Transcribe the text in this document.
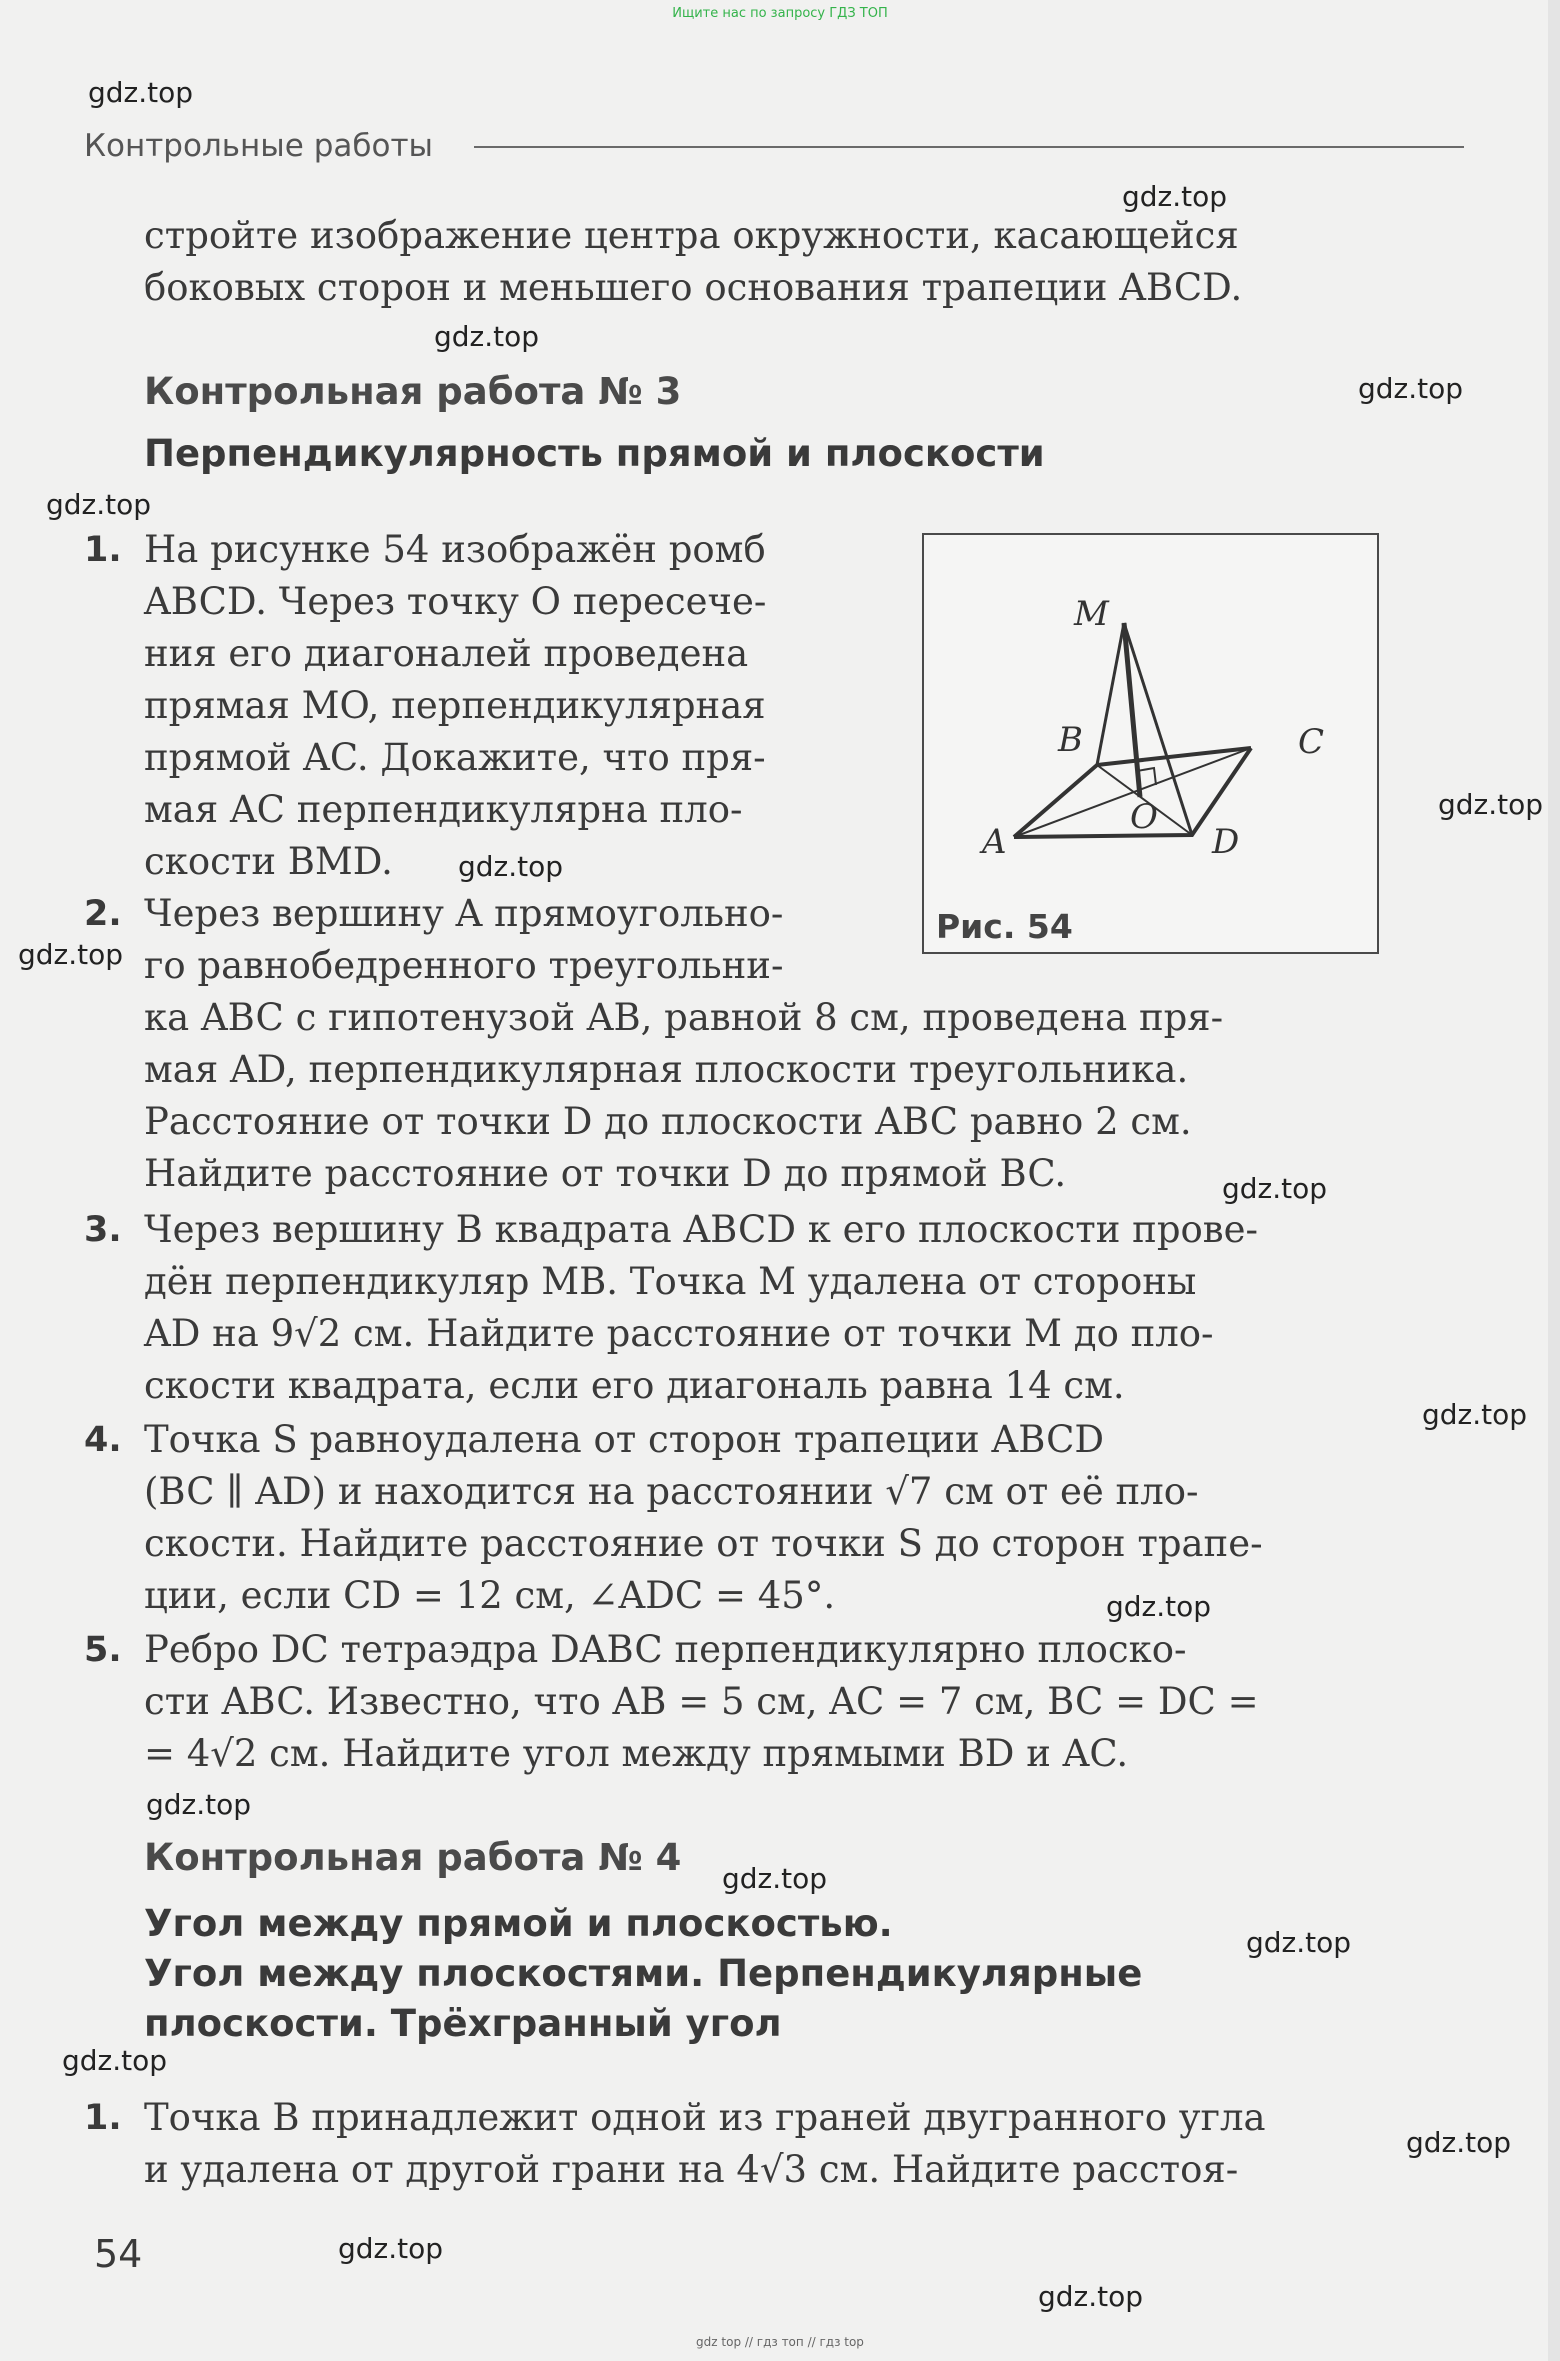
Ищите нас по запросу ГДЗ ТОП
Контрольные работы
gdz.top
gdz.top
gdz.top
gdz.top
gdz.top
gdz.top
gdz.top
gdz.top
gdz.top
gdz.top
gdz.top
gdz.top
gdz.top
gdz.top
gdz.top
gdz.top
gdz.top
gdz.top
стройте изображение центра окружности, касающейся
боковых сторон и меньшего основания трапеции ABCD.
Контрольная работа № 3
Перпендикулярность прямой и плоскости
1. На рисунке 54 изображён ромб
ABCD. Через точку O пересече-
ния его диагоналей проведена
прямая MO, перпендикулярная
прямой AC. Докажите, что пря-
мая AC перпендикулярна пло-
скости BMD.
2. Через вершину A прямоугольно-
го равнобедренного треугольни-
ка ABC с гипотенузой AB, равной 8 см, проведена пря-
мая AD, перпендикулярная плоскости треугольника.
Расстояние от точки D до плоскости ABC равно 2 см.
Найдите расстояние от точки D до прямой BC.
3. Через вершину B квадрата ABCD к его плоскости прове-
дён перпендикуляр MB. Точка M удалена от стороны
AD на 9√2 см. Найдите расстояние от точки M до пло-
скости квадрата, если его диагональ равна 14 см.
4. Точка S равноудалена от сторон трапеции ABCD
(BC ∥ AD) и находится на расстоянии √7 см от её пло-
скости. Найдите расстояние от точки S до сторон трапе-
ции, если CD = 12 см, ∠ADC = 45°.
5. Ребро DC тетраэдра DABC перпендикулярно плоско-
сти ABC. Известно, что AB = 5 см, AC = 7 см, BC = DC =
= 4√2 см. Найдите угол между прямыми BD и AC.
M
B	C
O
A	D
Рис. 54
Контрольная работа № 4
Угол между прямой и плоскостью.
Угол между плоскостями. Перпендикулярные
плоскости. Трёхгранный угол
1. Точка B принадлежит одной из граней двугранного угла
и удалена от другой грани на 4√3 см. Найдите расстоя-
54
gdz top // гдз топ // гдз top
